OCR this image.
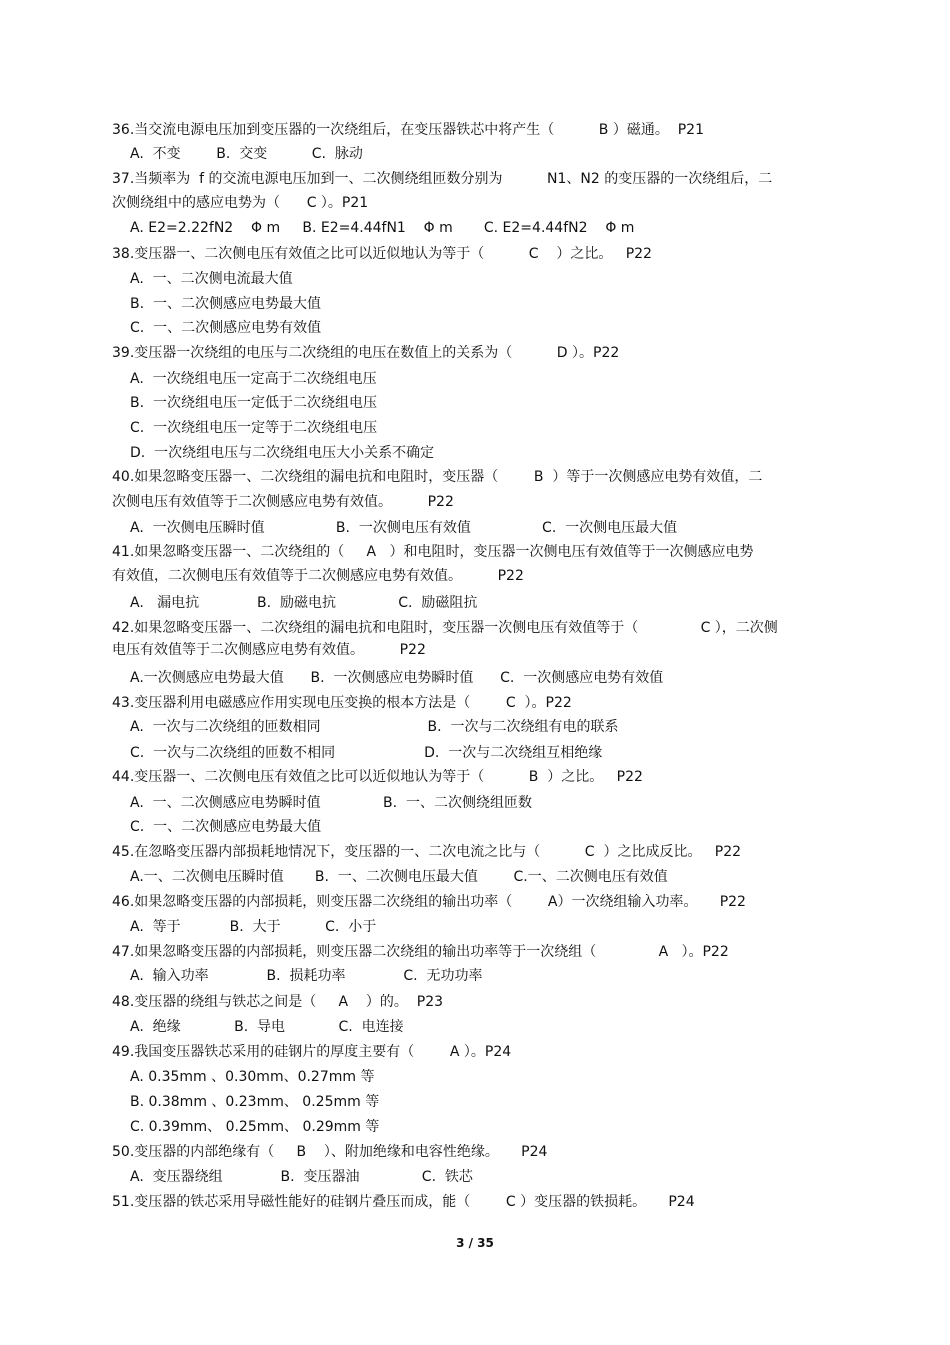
36.当交流电源电压加到变压器的一次绕组后，在变压器铁芯中将产生（          B ）磁通。  P21
A.  不变        B.  交变          C.  脉动
37.当频率为  f 的交流电源电压加到一、二次侧绕组匝数分别为          N1、N2 的变压器的一次绕组后，二
次侧绕组中的感应电势为（      C ）。P21
A. E2=2.22fN2    Φ m     B. E2=4.44fN1    Φ m       C. E2=4.44fN2    Φ m
38.变压器一、二次侧电压有效值之比可以近似地认为等于（          C    ）之比。   P22
A.  一、二次侧电流最大值
B.  一、二次侧感应电势最大值
C.  一、二次侧感应电势有效值
39.变压器一次绕组的电压与二次绕组的电压在数值上的关系为（          D ）。P22
A.  一次绕组电压一定高于二次绕组电压
B.  一次绕组电压一定低于二次绕组电压
C.  一次绕组电压一定等于二次绕组电压
D.  一次绕组电压与二次绕组电压大小关系不确定
40.如果忽略变压器一、二次绕组的漏电抗和电阻时，变压器（        B  ）等于一次侧感应电势有效值，二
次侧电压有效值等于二次侧感应电势有效值。        P22
A.  一次侧电压瞬时值                B.  一次侧电压有效值                C.  一次侧电压最大值
41.如果忽略变压器一、二次绕组的（     A   ）和电阻时，变压器一次侧电压有效值等于一次侧感应电势
有效值，二次侧电压有效值等于二次侧感应电势有效值。        P22
A.   漏电抗             B.  励磁电抗              C.  励磁阻抗
42.如果忽略变压器一、二次绕组的漏电抗和电阻时，变压器一次侧电压有效值等于（              C ），二次侧
电压有效值等于二次侧感应电势有效值。        P22
A.一次侧感应电势最大值      B.  一次侧感应电势瞬时值      C.  一次侧感应电势有效值
43.变压器利用电磁感应作用实现电压变换的根本方法是（        C  ）。P22
A.  一次与二次绕组的匝数相同                        B.  一次与二次绕组有电的联系
C.  一次与二次绕组的匝数不相同                    D.  一次与二次绕组互相绝缘
44.变压器一、二次侧电压有效值之比可以近似地认为等于（          B  ）之比。   P22
A.  一、二次侧感应电势瞬时值              B.  一、二次侧绕组匝数
C.  一、二次侧感应电势最大值
45.在忽略变压器内部损耗地情况下，变压器的一、二次电流之比与（          C  ）之比成反比。   P22
A.一、二次侧电压瞬时值       B.  一、二次侧电压最大值        C.一、二次侧电压有效值
46.如果忽略变压器的内部损耗，则变压器二次绕组的输出功率（        A）一次绕组输入功率。     P22
A.  等于           B.  大于          C.  小于
47.如果忽略变压器的内部损耗，则变压器二次绕组的输出功率等于一次绕组（              A   ）。P22
A.  输入功率             B.  损耗功率             C.  无功功率
48.变压器的绕组与铁芯之间是（     A    ）的。  P23
A.  绝缘            B.  导电            C.  电连接
49.我国变压器铁芯采用的硅钢片的厚度主要有（        A ）。P24
A. 0.35mm 、0.30mm、0.27mm 等
B. 0.38mm 、0.23mm、 0.25mm 等
C. 0.39mm、 0.25mm、 0.29mm 等
50.变压器的内部绝缘有（     B    ）、附加绝缘和电容性绝缘。     P24
A.  变压器绕组             B.  变压器油              C.  铁芯
51.变压器的铁芯采用导磁性能好的硅钢片叠压而成，能（        C ）变压器的铁损耗。     P24
3 / 35
